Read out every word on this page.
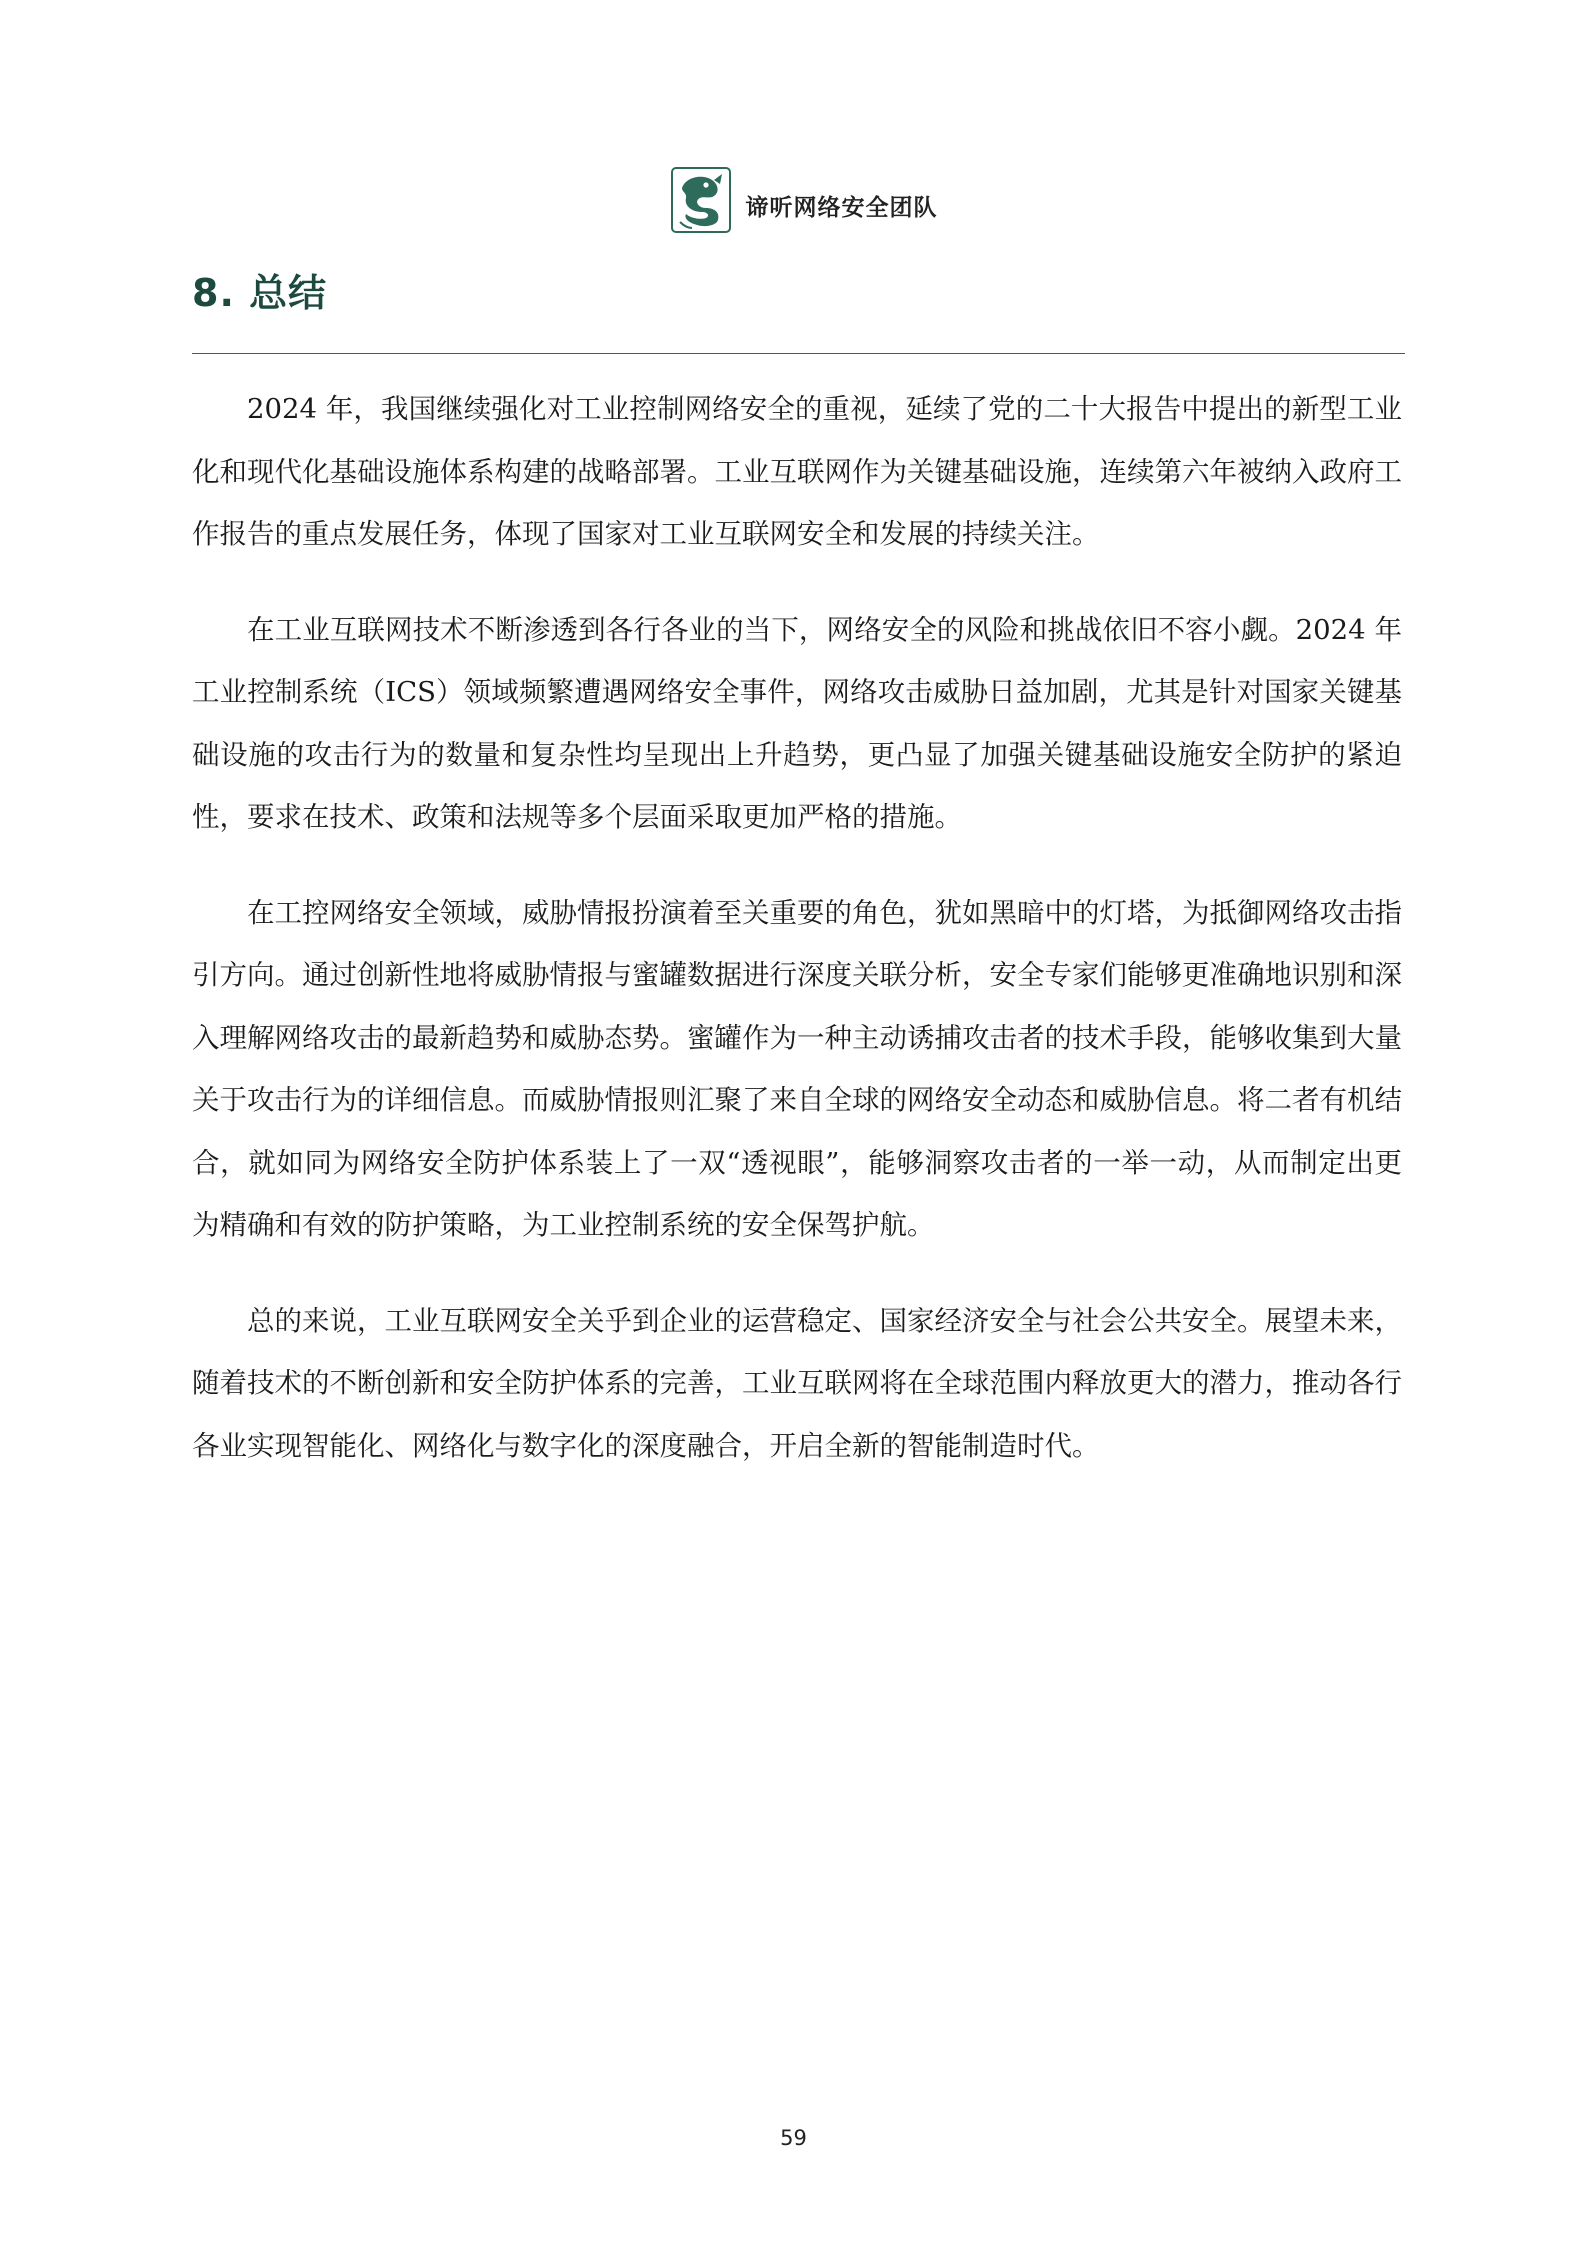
谛听网络安全团队
8. 总结

2024 年，我国继续强化对工业控制网络安全的重视，延续了党的二十大报告中提出的新型工业化和现代化基础设施体系构建的战略部署。工业互联网作为关键基础设施，连续第六年被纳入政府工作报告的重点发展任务，体现了国家对工业互联网安全和发展的持续关注。

在工业互联网技术不断渗透到各行各业的当下，网络安全的风险和挑战依旧不容小觑。2024 年工业控制系统（ICS）领域频繁遭遇网络安全事件，网络攻击威胁日益加剧，尤其是针对国家关键基础设施的攻击行为的数量和复杂性均呈现出上升趋势，更凸显了加强关键基础设施安全防护的紧迫性，要求在技术、政策和法规等多个层面采取更加严格的措施。

在工控网络安全领域，威胁情报扮演着至关重要的角色，犹如黑暗中的灯塔，为抵御网络攻击指引方向。通过创新性地将威胁情报与蜜罐数据进行深度关联分析，安全专家们能够更准确地识别和深入理解网络攻击的最新趋势和威胁态势。蜜罐作为一种主动诱捕攻击者的技术手段，能够收集到大量关于攻击行为的详细信息。而威胁情报则汇聚了来自全球的网络安全动态和威胁信息。将二者有机结合，就如同为网络安全防护体系装上了一双“透视眼”，能够洞察攻击者的一举一动，从而制定出更为精确和有效的防护策略，为工业控制系统的安全保驾护航。

总的来说，工业互联网安全关乎到企业的运营稳定、国家经济安全与社会公共安全。展望未来，随着技术的不断创新和安全防护体系的完善，工业互联网将在全球范围内释放更大的潜力，推动各行各业实现智能化、网络化与数字化的深度融合，开启全新的智能制造时代。

59
